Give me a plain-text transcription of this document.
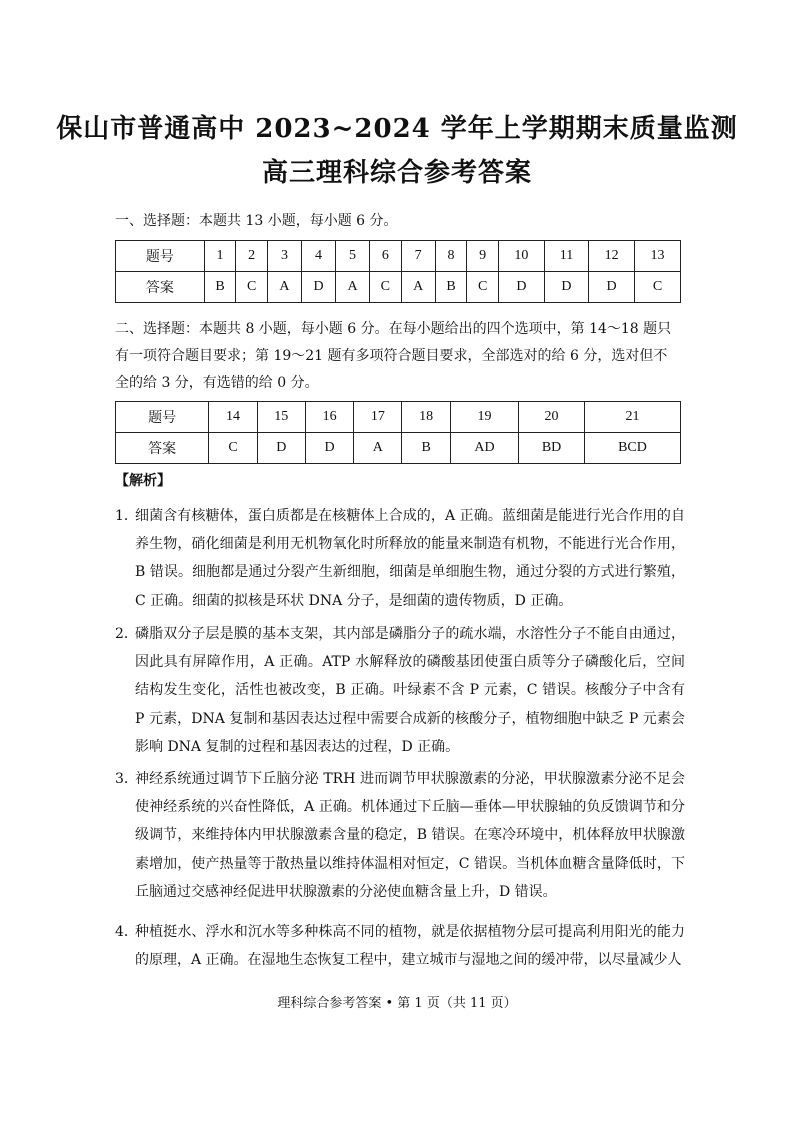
保山市普通高中 2023~2024 学年上学期期末质量监测
高三理科综合参考答案
一、选择题：本题共 13 小题，每小题 6 分。
题号	1	2	3	4	5	6	7	8	9	10	11	12	13
答案	B	C	A	D	A	C	A	B	C	D	D	D	C
二、选择题：本题共 8 小题，每小题 6 分。在每小题给出的四个选项中，第 14～18 题只有一项符合题目要求；第 19～21 题有多项符合题目要求，全部选对的给 6 分，选对但不全的给 3 分，有选错的给 0 分。
题号	14	15	16	17	18	19	20	21
答案	C	D	D	A	B	AD	BD	BCD
【解析】
1．
细菌含有核糖体，蛋白质都是在核糖体上合成的，A 正确。蓝细菌是能进行光合作用的自养生物，硝化细菌是利用无机物氧化时所释放的能量来制造有机物，不能进行光合作用，B 错误。细胞都是通过分裂产生新细胞，细菌是单细胞生物，通过分裂的方式进行繁殖，C 正确。细菌的拟核是环状 DNA 分子，是细菌的遗传物质，D 正确。
2．
磷脂双分子层是膜的基本支架，其内部是磷脂分子的疏水端，水溶性分子不能自由通过，因此具有屏障作用，A 正确。ATP 水解释放的磷酸基团使蛋白质等分子磷酸化后，空间结构发生变化，活性也被改变，B 正确。叶绿素不含 P 元素，C 错误。核酸分子中含有 P 元素，DNA 复制和基因表达过程中需要合成新的核酸分子，植物细胞中缺乏 P 元素会影响 DNA 复制的过程和基因表达的过程，D 正确。
3．
神经系统通过调节下丘脑分泌 TRH 进而调节甲状腺激素的分泌，甲状腺激素分泌不足会使神经系统的兴奋性降低，A 正确。机体通过下丘脑—垂体—甲状腺轴的负反馈调节和分级调节，来维持体内甲状腺激素含量的稳定，B 错误。在寒冷环境中，机体释放甲状腺激素增加，使产热量等于散热量以维持体温相对恒定，C 错误。当机体血糖含量降低时，下丘脑通过交感神经促进甲状腺激素的分泌使血糖含量上升，D 错误。
4．
种植挺水、浮水和沉水等多种株高不同的植物，就是依据植物分层可提高利用阳光的能力的原理，A 正确。在湿地生态恢复工程中，建立城市与湿地之间的缓冲带，以尽量减少人
理科综合参考答案 • 第 1 页（共 11 页）
